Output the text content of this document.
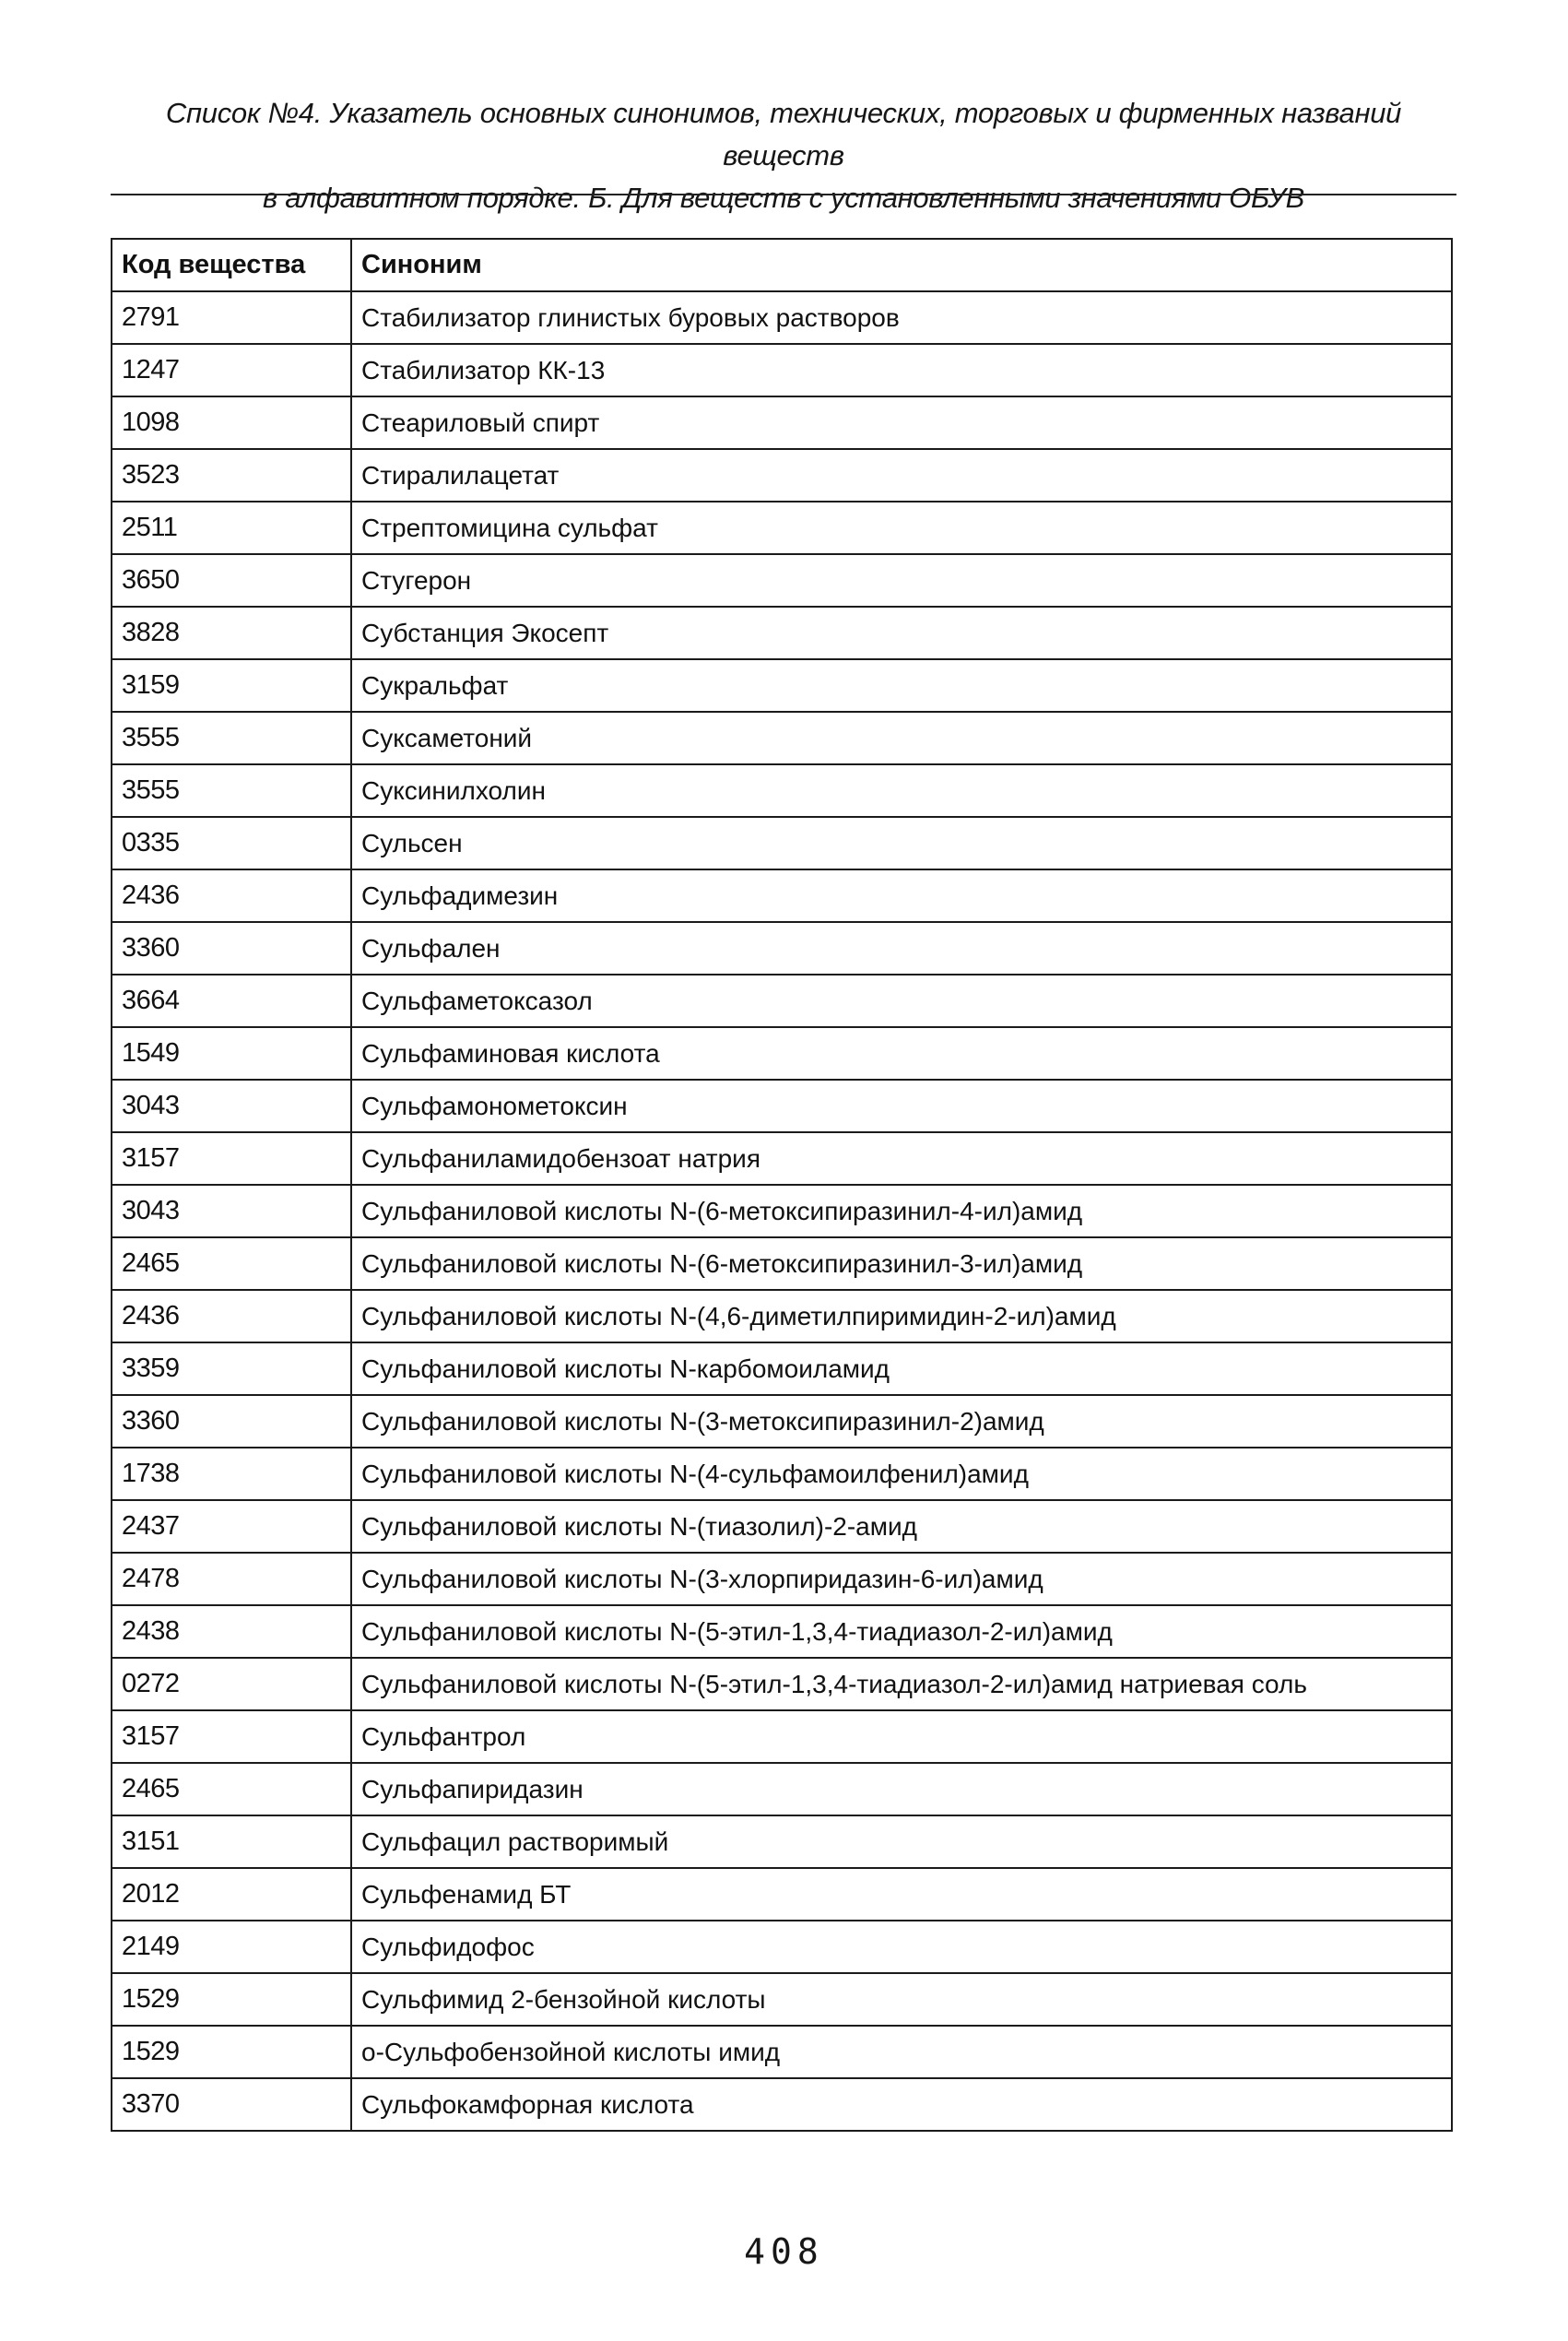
Список №4. Указатель основных синонимов, технических, торговых и фирменных названий веществ
в алфавитном порядке. Б. Для веществ с установленными значениями ОБУВ
Код вещества	Синоним
2791	Стабилизатор глинистых буровых растворов
1247	Стабилизатор КК-13
1098	Стеариловый спирт
3523	Стиралилацетат
2511	Стрептомицина сульфат
3650	Стугерон
3828	Субстанция Экосепт
3159	Сукральфат
3555	Суксаметоний
3555	Суксинилхолин
0335	Сульсен
2436	Сульфадимезин
3360	Сульфален
3664	Сульфаметоксазол
1549	Сульфаминовая кислота
3043	Сульфамонометоксин
3157	Сульфаниламидобензоат натрия
3043	Сульфаниловой кислоты N-(6-метоксипиразинил-4-ил)амид
2465	Сульфаниловой кислоты N-(6-метоксипиразинил-3-ил)амид
2436	Сульфаниловой кислоты N-(4,6-диметилпиримидин-2-ил)амид
3359	Сульфаниловой кислоты N-карбомоиламид
3360	Сульфаниловой кислоты N-(3-метоксипиразинил-2)амид
1738	Сульфаниловой кислоты N-(4-сульфамоилфенил)амид
2437	Сульфаниловой кислоты N-(тиазолил)-2-амид
2478	Сульфаниловой кислоты N-(3-хлорпиридазин-6-ил)амид
2438	Сульфаниловой кислоты N-(5-этил-1,3,4-тиадиазол-2-ил)амид
0272	Сульфаниловой кислоты N-(5-этил-1,3,4-тиадиазол-2-ил)амид натриевая соль
3157	Сульфантрол
2465	Сульфапиридазин
3151	Сульфацил растворимый
2012	Сульфенамид БТ
2149	Сульфидофос
1529	Сульфимид 2-бензойной кислоты
1529	о-Сульфобензойной кислоты имид
3370	Сульфокамфорная кислота
408
